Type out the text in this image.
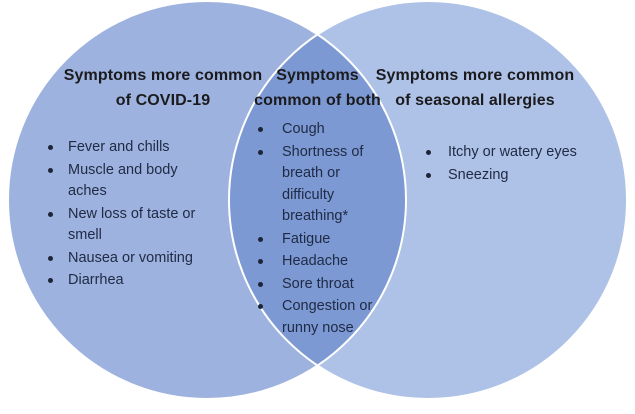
Symptoms more common
of COVID-19
Symptoms
common of both
Symptoms more common
of seasonal allergies
Fever and chills
Muscle and body aches
New loss of taste or smell
Nausea or vomiting
Diarrhea
Cough
Shortness of breath or difficulty breathing*
Fatigue
Headache
Sore throat
Congestion or runny nose
Itchy or watery eyes
Sneezing
